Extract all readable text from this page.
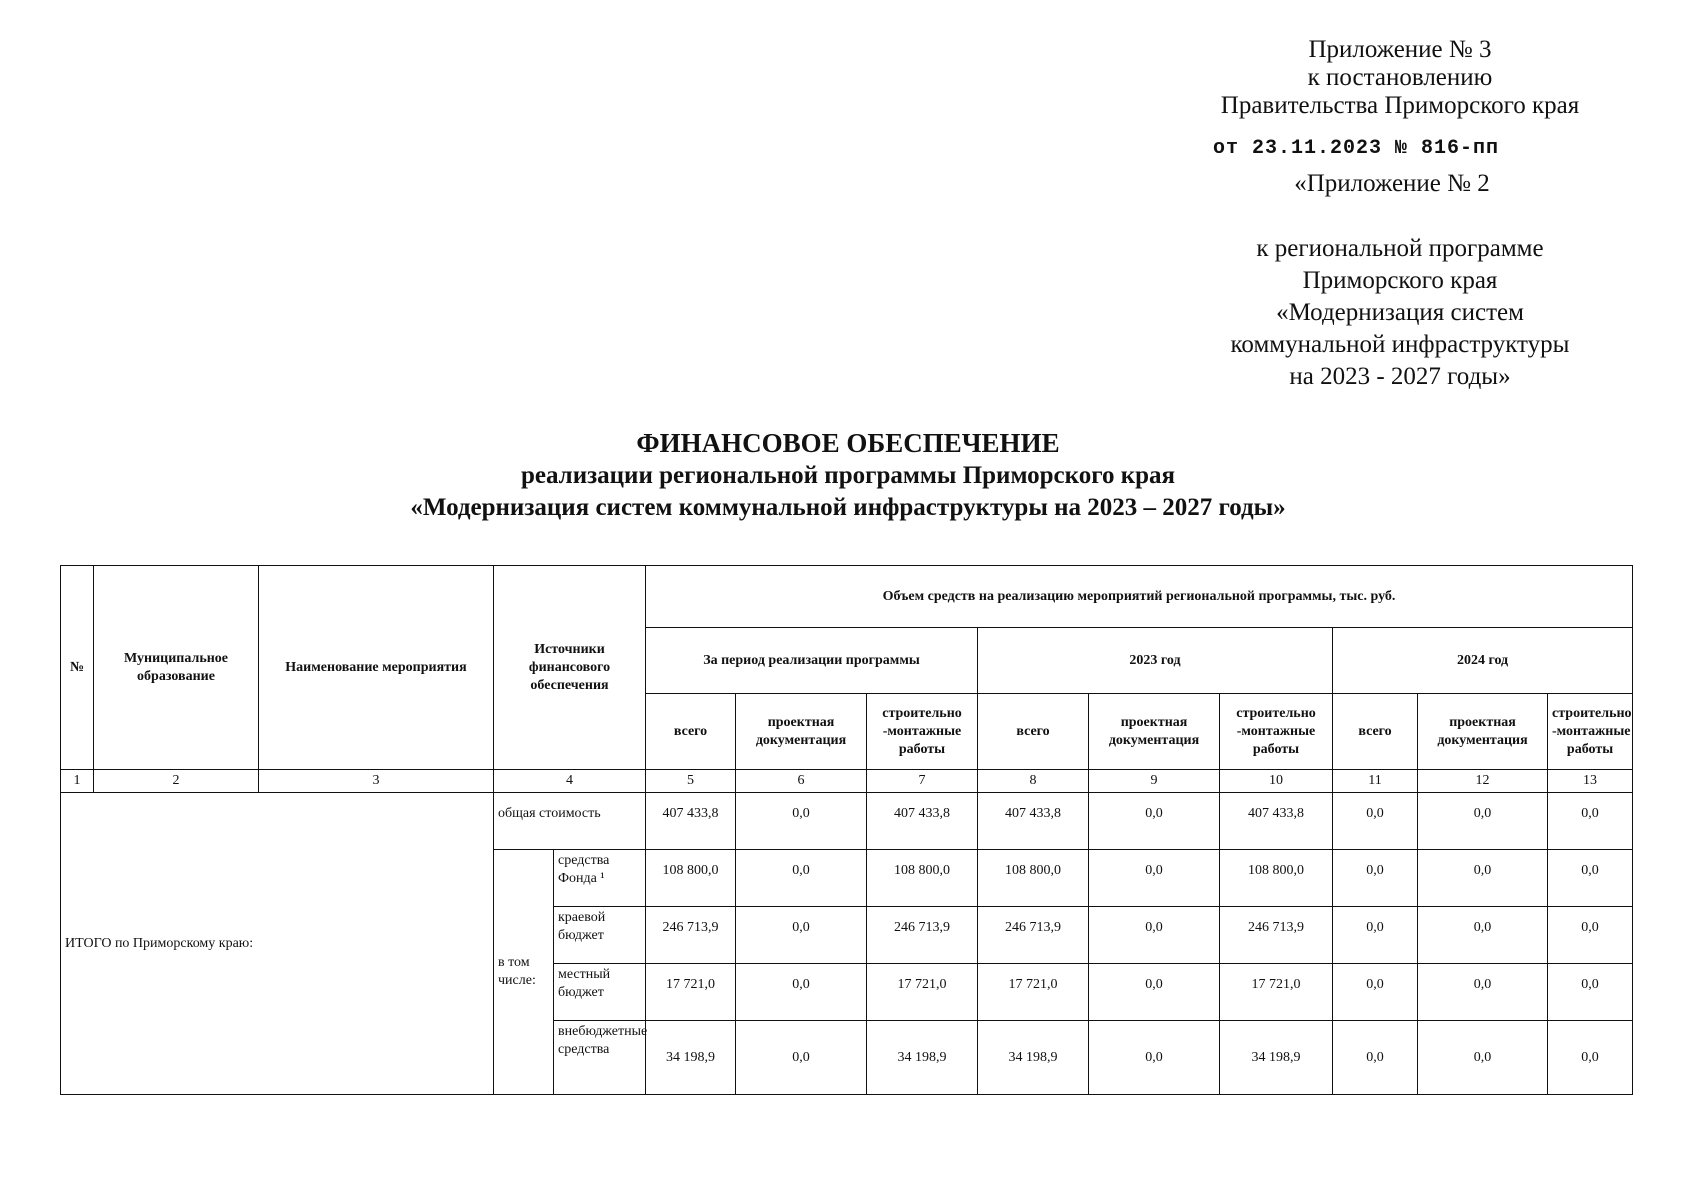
Приложение № 3
к постановлению
Правительства Приморского края
от 23.11.2023 № 816-пп
«Приложение № 2
к региональной программе
Приморского края
«Модернизация систем
коммунальной инфраструктуры
на 2023 - 2027 годы»
ФИНАНСОВОЕ ОБЕСПЕЧЕНИЕ
реализации региональной программы Приморского края
«Модернизация систем коммунальной инфраструктуры на 2023 – 2027 годы»
№	Муниципальное образование	Наименование мероприятия	Источники финансового обеспечения		Объем средств на реализацию мероприятий региональной программы, тыс. руб.								
					За период реализации программы			2023 год			2024 год		
					всего	проектная документация	строительно -монтажные работы	всего	проектная документация	строительно -монтажные работы	всего	проектная документация	строительно -монтажные работы
1	2	3	4		5	6	7	8	9	10	11	12	13
ИТОГО по Приморскому краю:			общая стоимость		407 433,8	0,0	407 433,8	407 433,8	0,0	407 433,8	0,0	0,0	0,0
			в том числе:	средства Фонда ¹	108 800,0	0,0	108 800,0	108 800,0	0,0	108 800,0	0,0	0,0	0,0
				краевой бюджет	246 713,9	0,0	246 713,9	246 713,9	0,0	246 713,9	0,0	0,0	0,0
				местный бюджет	17 721,0	0,0	17 721,0	17 721,0	0,0	17 721,0	0,0	0,0	0,0
				внебюджетные средства	34 198,9	0,0	34 198,9	34 198,9	0,0	34 198,9	0,0	0,0	0,0
